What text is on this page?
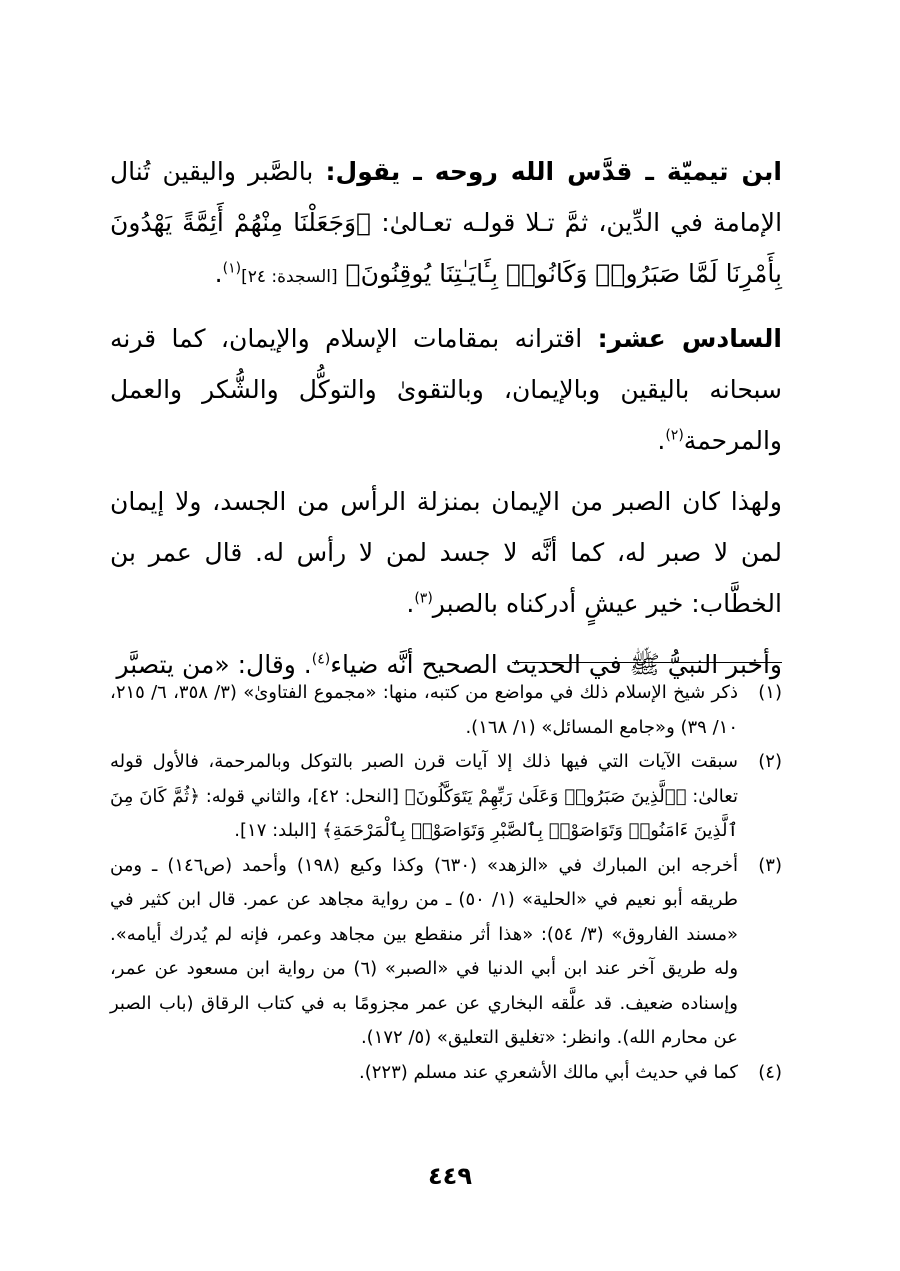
ابن تيميّة ـ قدَّس الله روحه ـ يقول: بالصَّبر واليقين تُنال الإمامة في الدِّين، ثمَّ تـلا قولـه تعـالىٰ: ﴿وَجَعَلْنَا مِنْهُمْ أَئِمَّةً يَهْدُونَ بِأَمْرِنَا لَمَّا صَبَرُوا۟ وَكَانُوا۟ بِـَٔايَـٰتِنَا يُوقِنُونَ﴾ [السجدة: ٢٤]$^{(١)}$.

السادس عشر: اقترانه بمقامات الإسلام والإيمان، كما قرنه سبحانه باليقين وبالإيمان، وبالتقوىٰ والتوكُّل والشُّكر والعمل والمرحمة$^{(٢)}$.

ولهذا كان الصبر من الإيمان بمنزلة الرأس من الجسد، ولا إيمان لمن لا صبر له، كما أنَّه لا جسد لمن لا رأس له. قال عمر بن الخطَّاب: خير عيشٍ أدركناه بالصبر$^{(٣)}$.

وأخبر النبيُّ ﷺ في الحديث الصحيح أنَّه ضياء$^{(٤)}$. وقال: «من يتصبَّر

(١)
ذكر شيخ الإسلام ذلك في مواضع من كتبه، منها: «مجموع الفتاوىٰ» (٣/ ٣٥٨، ٦/ ٢١٥، ١٠/ ٣٩) و«جامع المسائل» (١/ ١٦٨).
(٢)
سبقت الآيات التي فيها ذلك إلا آيات قرن الصبر بالتوكل وبالمرحمة، فالأول قوله تعالىٰ: ﴿ٱلَّذِينَ صَبَرُوا۟ وَعَلَىٰ رَبِّهِمْ يَتَوَكَّلُونَ﴾ [النحل: ٤٢]، والثاني قوله: ﴿ثُمَّ كَانَ مِنَ ٱلَّذِينَ ءَامَنُوا۟ وَتَوَاصَوْا۟ بِٱلصَّبْرِ وَتَوَاصَوْا۟ بِٱلْمَرْحَمَةِ﴾ [البلد: ١٧].
(٣)
أخرجه ابن المبارك في «الزهد» (٦٣٠) وكذا وكيع (١٩٨) وأحمد (ص١٤٦) ـ ومن طريقه أبو نعيم في «الحلية» (١/ ٥٠) ـ من رواية مجاهد عن عمر. قال ابن كثير في «مسند الفاروق» (٣/ ٥٤): «هذا أثر منقطع بين مجاهد وعمر، فإنه لم يُدرك أيامه». وله طريق آخر عند ابن أبي الدنيا في «الصبر» (٦) من رواية ابن مسعود عن عمر، وإسناده ضعيف. قد علَّقه البخاري عن عمر مجزومًا به في كتاب الرقاق (باب الصبر عن محارم الله). وانظر: «تغليق التعليق» (٥/ ١٧٢).
(٤)
كما في حديث أبي مالك الأشعري عند مسلم (٢٢٣).
٤٤٩
